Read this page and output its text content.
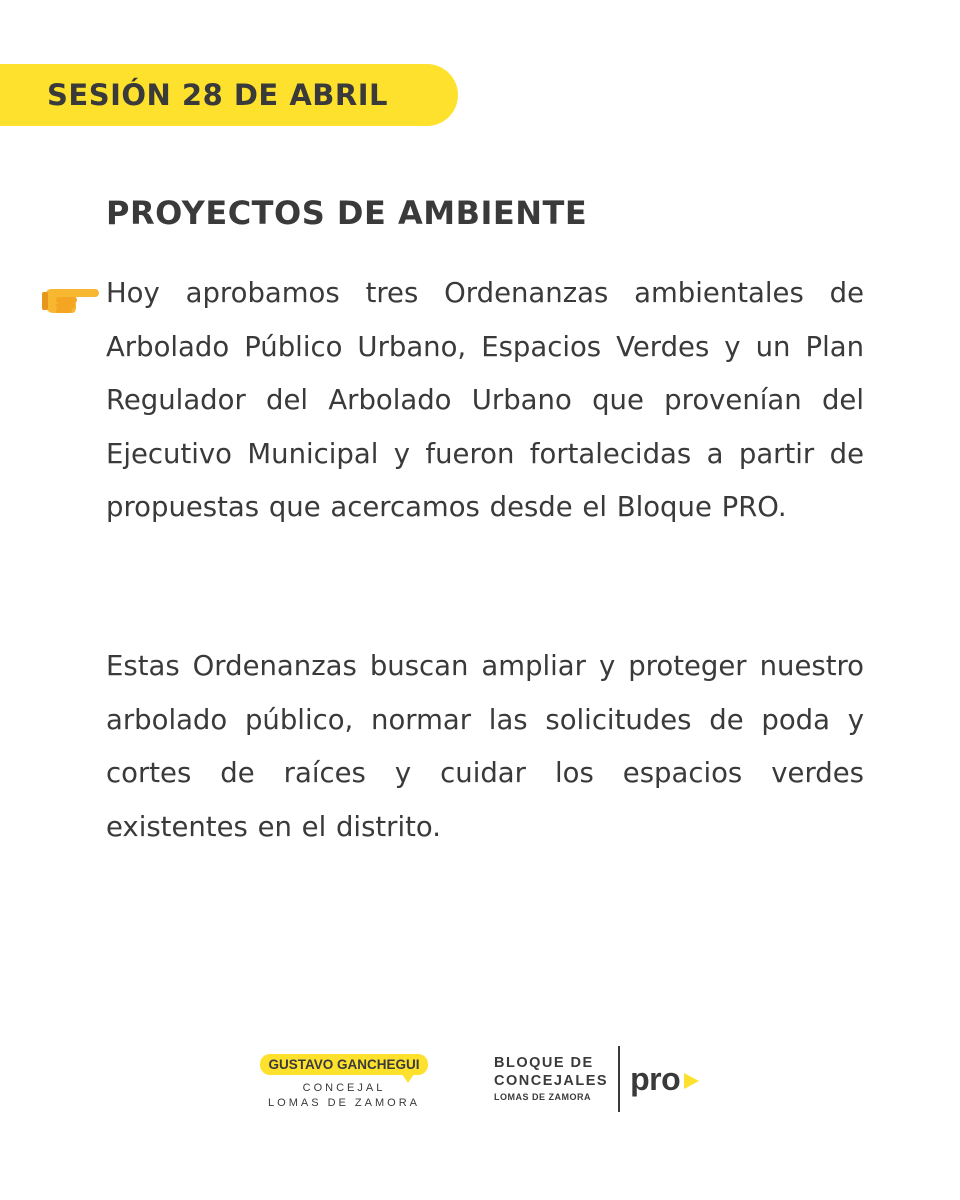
SESIÓN 28 DE ABRIL
PROYECTOS DE AMBIENTE

Hoy aprobamos tres Ordenanzas ambientales de Arbolado Público Urbano, Espacios Verdes y un Plan Regulador del Arbolado Urbano que provenían del Ejecutivo Municipal y fueron fortalecidas a partir de propuestas que acercamos desde el Bloque PRO.

Estas Ordenanzas buscan ampliar y proteger nuestro arbolado público, normar las solicitudes de poda y cortes de raíces y cuidar los espacios verdes existentes en el distrito.

GUSTAVO GANCHEGUI
CONCEJAL
LOMAS DE ZAMORA
BLOQUE DE
CONCEJALES
LOMAS DE ZAMORA	pro
